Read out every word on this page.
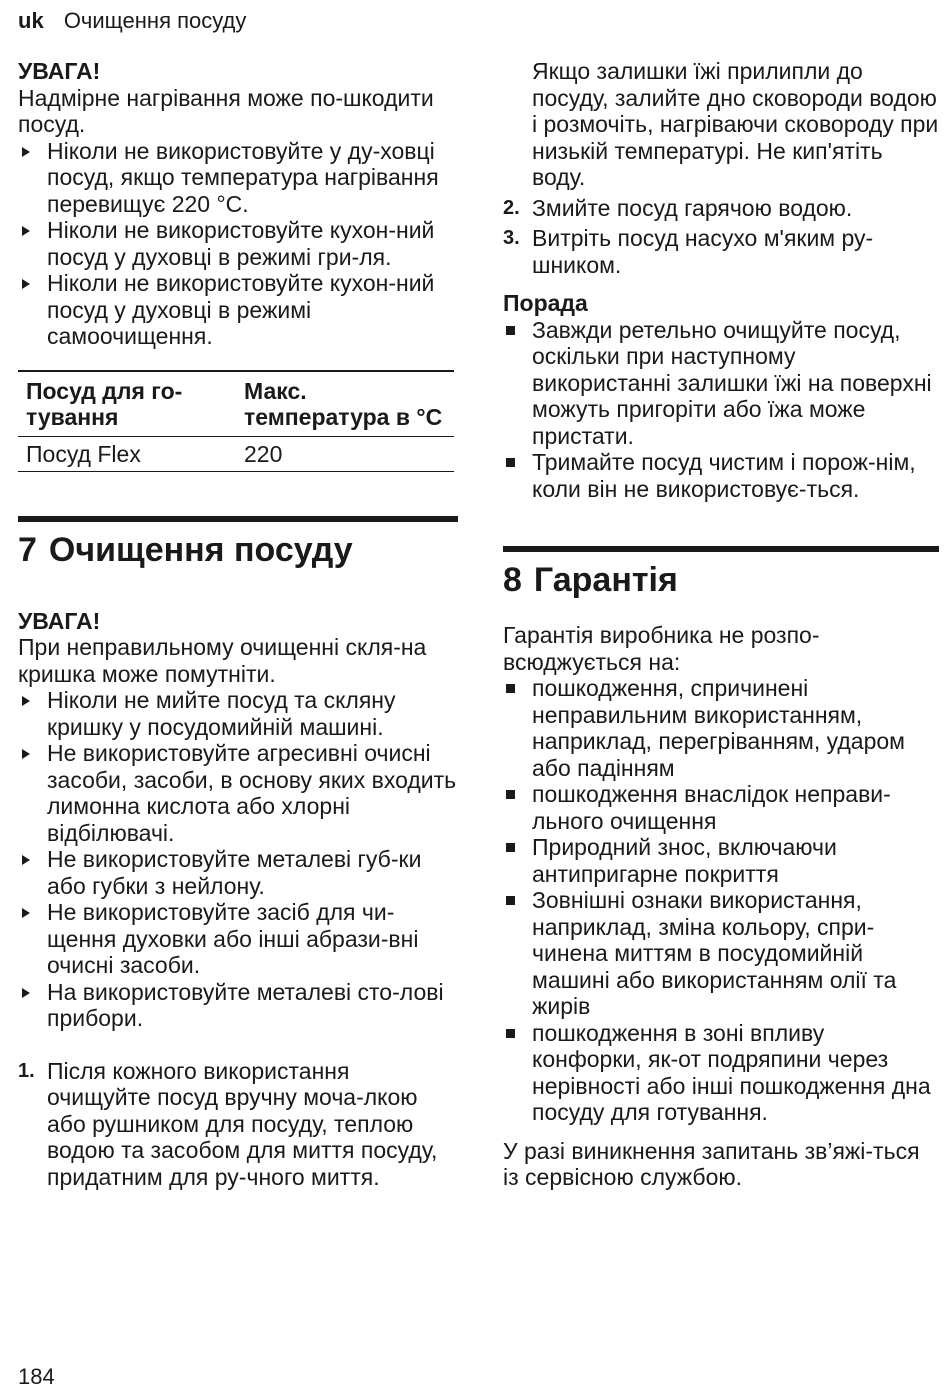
uk Очищення посуду

УВАГА!

Надмірне нагрівання може по-шкодити посуд.

Ніколи не використовуйте у ду-ховці посуд, якщо температура нагрівання перевищує 220 °C.
Ніколи не використовуйте кухон-ний посуд у духовці в режимі гри-ля.
Ніколи не використовуйте кухон-ний посуд у духовці в режимі самоочищення.
Посуд для го-тування	Макс. температура в °C
Посуд Flex	220
7 Очищення посуду

УВАГА!

При неправильному очищенні скля-на кришка може помутніти.

Ніколи не мийте посуд та скляну кришку у посудомийній машині.
Не використовуйте агресивні очисні засоби, засоби, в основу яких входить лимонна кислота або хлорні відбілювачі.
Не використовуйте металеві губ-ки або губки з нейлону.
Не використовуйте засіб для чи-щення духовки або інші абрази-вні очисні засоби.
На використовуйте металеві сто-лові прибори.
1. Після кожного використання очищуйте посуд вручну моча-лкою або рушником для посуду, теплою водою та засобом для миття посуду, придатним для ру-чного миття.

Якщо залишки їжі прилипли до посуду, залийте дно сковороди водою і розмочіть, нагріваючи сковороду при низькій температурі. Не кип'ятіть воду.

2. Змийте посуд гарячою водою.
3. Витріть посуд насухо м'яким ру-шником.

Порада

Завжди ретельно очищуйте посуд, оскільки при наступному використанні залишки їжі на поверхні можуть пригоріти або їжа може пристати.
Тримайте посуд чистим і порож-нім, коли він не використовує-ться.
8 Гарантія

Гарантія виробника не розпо-всюджується на:

пошкодження, спричинені неправильним використанням, наприклад, перегріванням, ударом або падінням
пошкодження внаслідок неправи-льного очищення
Природний знос, включаючи антипригарне покриття
Зовнішні ознаки використання, наприклад, зміна кольору, спри-чинена миттям в посудомийній машині або використанням олії та жирів
пошкодження в зоні впливу конфорки, як-от подряпини через нерівності або інші пошкодження дна посуду для готування.

У разі виникнення запитань зв’яжі-ться із сервісною службою.

184
